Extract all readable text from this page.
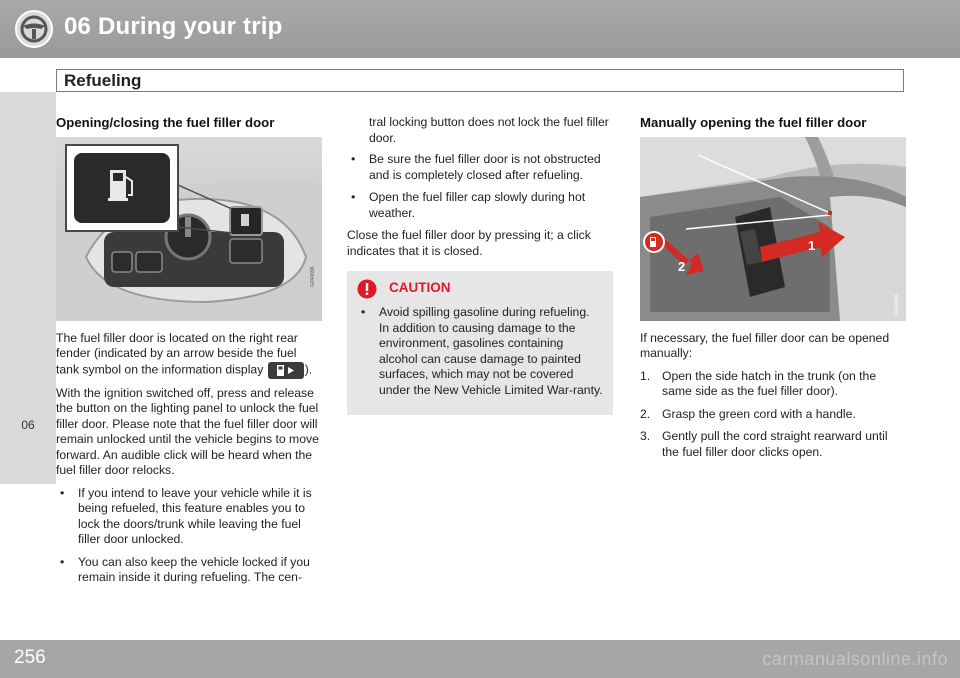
06 During your trip
Refueling
06
Opening/closing the fuel filler door
G040696

The fuel filler door is located on the right rear fender (indicated by an arrow beside the fuel tank symbol on the information display	).

With the ignition switched off, press and release the button on the lighting panel to unlock the fuel filler door. Please note that the fuel filler door will remain unlocked until the vehicle begins to move forward. An audible click will be heard when the fuel filler door relocks.

• If you intend to leave your vehicle while it is being refueled, this feature enables you to lock the doors/trunk while leaving the fuel filler door unlocked.
• You can also keep the vehicle locked if you remain inside it during refueling. The cen-
tral locking button does not lock the fuel filler door.
• Be sure the fuel filler door is not obstructed and is completely closed after refueling.
• Open the fuel filler cap slowly during hot weather.

Close the fuel filler door by pressing it; a click indicates that it is closed.

CAUTION
• Avoid spilling gasoline during refueling. In addition to causing damage to the environment, gasolines containing alcohol can cause damage to painted surfaces, which may not be covered under the New Vehicle Limited War-ranty.
Manually opening the fuel filler door
1
2
G040654

If necessary, the fuel filler door can be opened manually:

1. Open the side hatch in the trunk (on the same side as the fuel filler door).
2. Grasp the green cord with a handle.
3. Gently pull the cord straight rearward until the fuel filler door clicks open.
256	carmanualsonline.info
